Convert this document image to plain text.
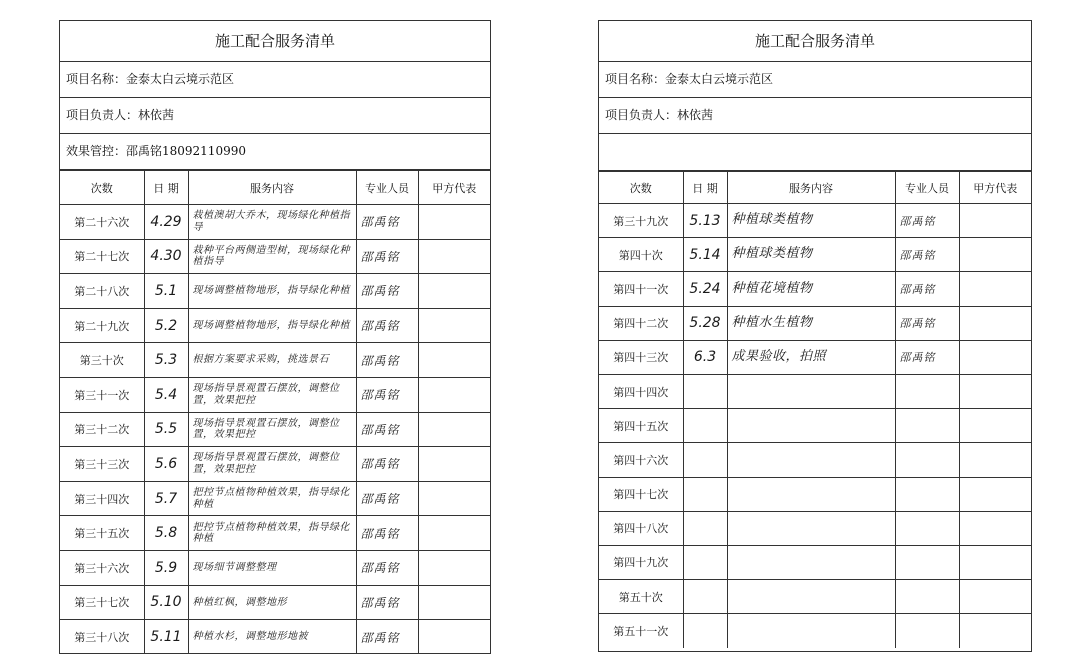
施工配合服务清单
项目名称：金泰太白云境示范区
项目负责人：林依茜
效果管控：邵禹铭18092110990
次数	日 期	服务内容	专业人员	甲方代表
第二十六次	4.29	栽植澳胡大乔木，现场绿化种植指导	邵禹铭	
第二十七次	4.30	栽种平台两侧造型树，现场绿化种植指导	邵禹铭	
第二十八次	5.1	现场调整植物地形，指导绿化种植	邵禹铭	
第二十九次	5.2	现场调整植物地形，指导绿化种植	邵禹铭	
第三十次	5.3	根据方案要求采购，挑选景石	邵禹铭	
第三十一次	5.4	现场指导景观置石摆放，调整位置，效果把控	邵禹铭	
第三十二次	5.5	现场指导景观置石摆放，调整位置，效果把控	邵禹铭	
第三十三次	5.6	现场指导景观置石摆放，调整位置，效果把控	邵禹铭	
第三十四次	5.7	把控节点植物种植效果，指导绿化种植	邵禹铭	
第三十五次	5.8	把控节点植物种植效果，指导绿化种植	邵禹铭	
第三十六次	5.9	现场细节调整整理	邵禹铭	
第三十七次	5.10	种植红枫，调整地形	邵禹铭	
第三十八次	5.11	种植水杉，调整地形地被	邵禹铭	
施工配合服务清单
项目名称：金泰太白云境示范区
项目负责人：林依茜
次数	日 期	服务内容	专业人员	甲方代表
第三十九次	5.13	种植球类植物	邵禹铭	
第四十次	5.14	种植球类植物	邵禹铭	
第四十一次	5.24	种植花境植物	邵禹铭	
第四十二次	5.28	种植水生植物	邵禹铭	
第四十三次	6.3	成果验收，拍照	邵禹铭	
第四十四次				
第四十五次				
第四十六次				
第四十七次				
第四十八次				
第四十九次				
第五十次				
第五十一次				
